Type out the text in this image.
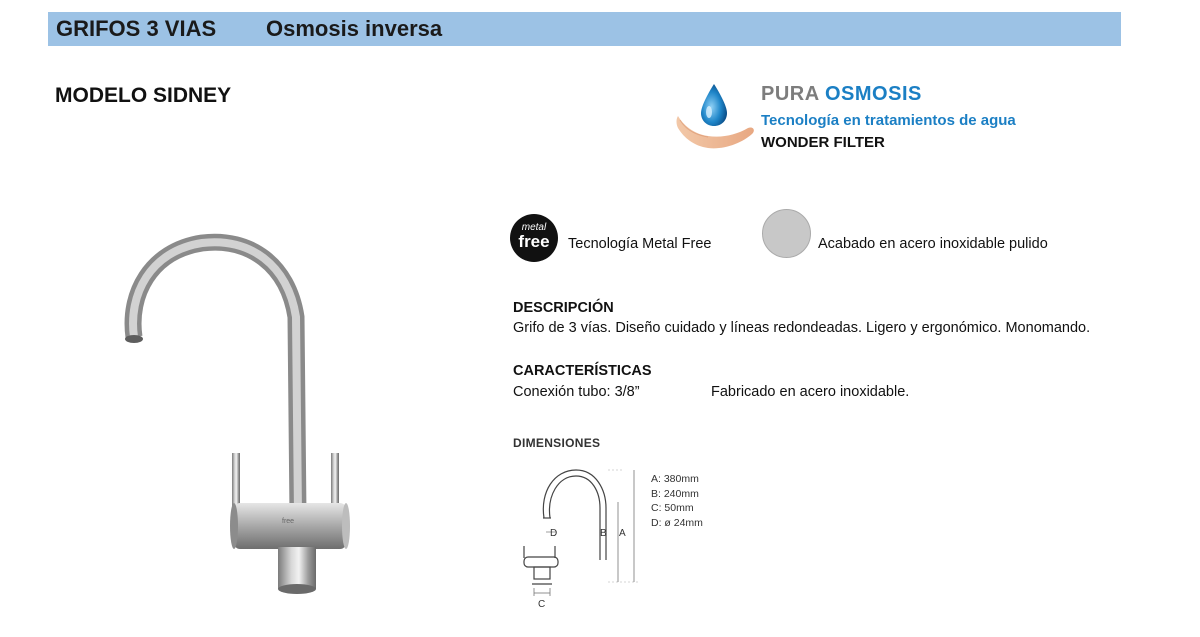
GRIFOS 3 VIAS Osmosis inversa
MODELO SIDNEY	PURA OSMOSIS
Tecnología en tratamientos de agua
WONDER FILTER
free
metal
free	Tecnología Metal Free	Acabado en acero inoxidable pulido
DESCRIPCIÓN
Grifo de 3 vías. Diseño cuidado y líneas redondeadas. Ligero y ergonómico. Monomando.
CARACTERÍSTICAS
Conexión tubo: 3/8”	Fabricado en acero inoxidable.
DIMENSIONES
D	B A
C
A: 380mm
B: 240mm
C: 50mm
D: ø 24mm
